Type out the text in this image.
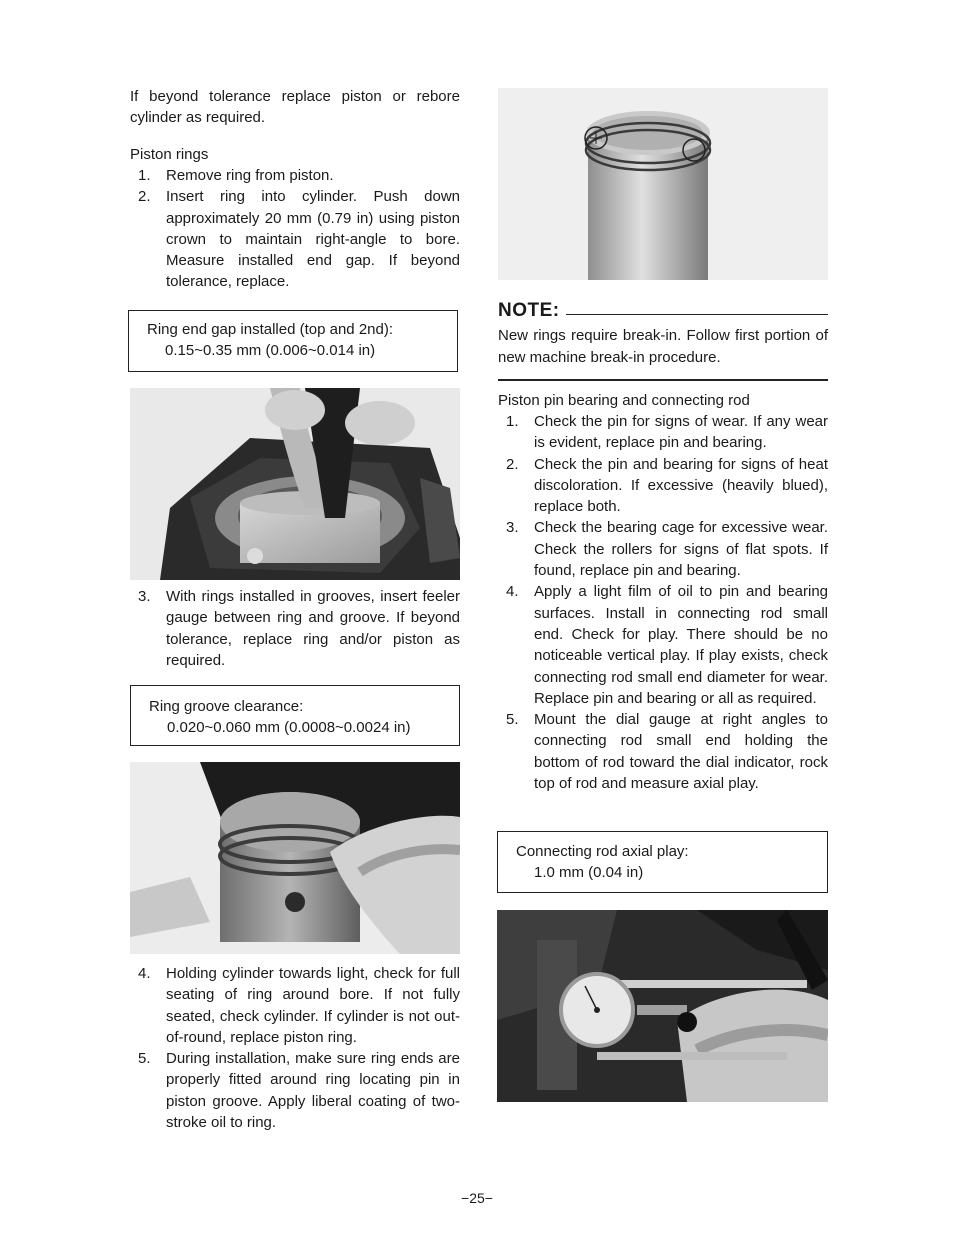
If beyond tolerance replace piston or rebore cylinder as required.

Piston rings

1. Remove ring from piston.
2. Insert ring into cylinder. Push down approximately 20 mm (0.79 in) using piston crown to maintain right-angle to bore. Measure installed end gap. If beyond tolerance, replace.
Ring end gap installed (top and 2nd):
0.15~0.35 mm (0.006~0.014 in)
3. With rings installed in grooves, insert feeler gauge between ring and groove. If beyond tolerance, replace ring and/or piston as required.
Ring groove clearance:
0.020~0.060 mm (0.0008~0.0024 in)
4. Holding cylinder towards light, check for full seating of ring around bore. If not fully seated, check cylinder. If cylinder is not out-of-round, replace piston ring.
5. During installation, make sure ring ends are properly fitted around ring locating pin in piston groove. Apply liberal coating of two-stroke oil to ring.
NOTE:

New rings require break-in. Follow first portion of new machine break-in procedure.

Piston pin bearing and connecting rod

1. Check the pin for signs of wear. If any wear is evident, replace pin and bearing.
2. Check the pin and bearing for signs of heat discoloration. If excessive (heavily blued), replace both.
3. Check the bearing cage for excessive wear. Check the rollers for signs of flat spots. If found, replace pin and bearing.
4. Apply a light film of oil to pin and bearing surfaces. Install in connecting rod small end. Check for play. There should be no noticeable vertical play. If play exists, check connecting rod small end diameter for wear. Replace pin and bearing or all as required.
5. Mount the dial gauge at right angles to connecting rod small end holding the bottom of rod toward the dial indicator, rock top of rod and measure axial play.
Connecting rod axial play:
1.0 mm (0.04 in)
−25−
